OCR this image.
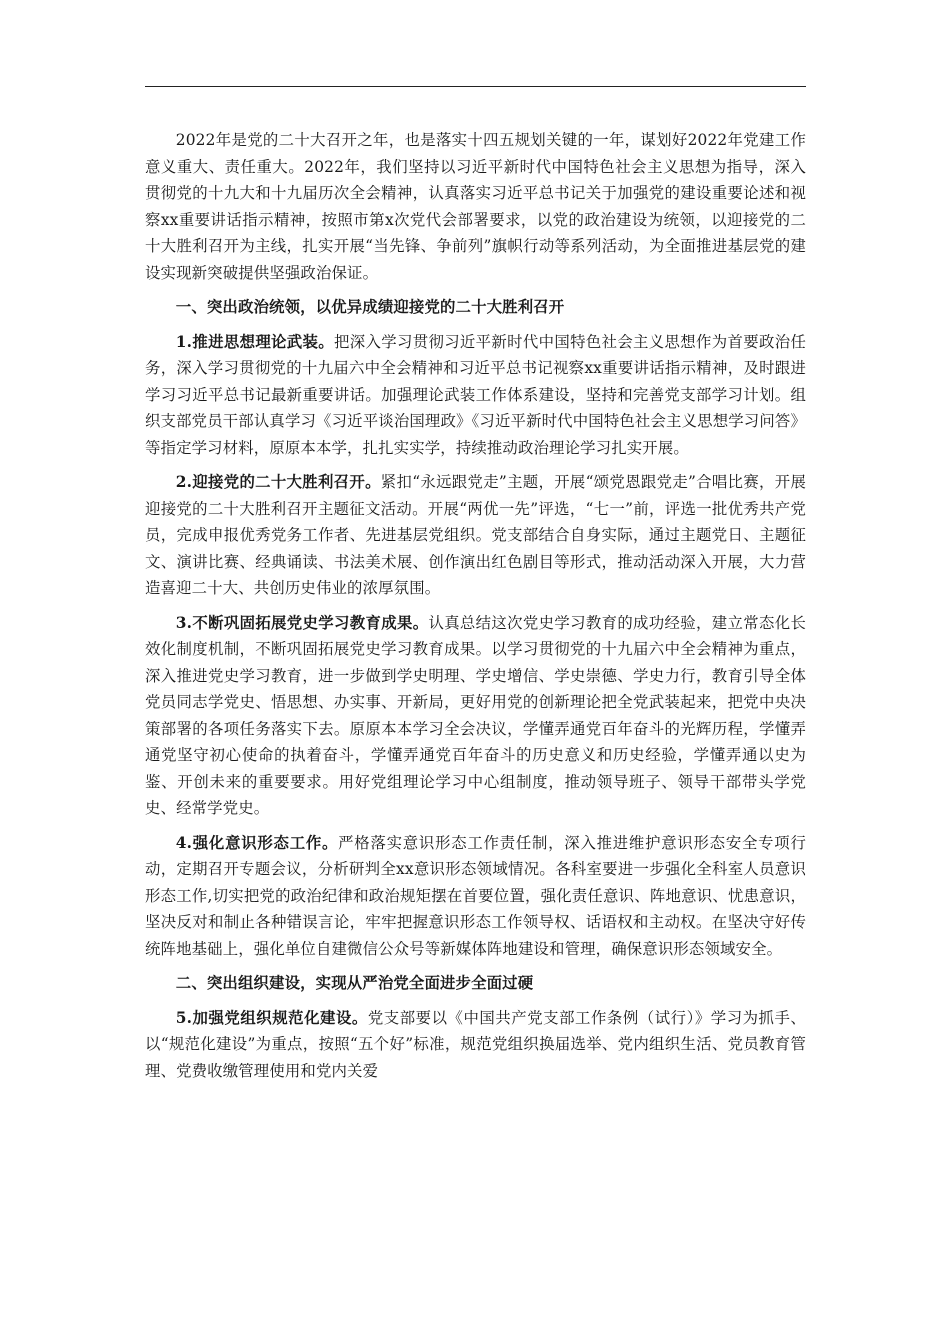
2022年是党的二十大召开之年，也是落实十四五规划关键的一年，谋划好2022年党建工作意义重大、责任重大。2022年，我们坚持以习近平新时代中国特色社会主义思想为指导，深入贯彻党的十九大和十九届历次全会精神，认真落实习近平总书记关于加强党的建设重要论述和视察xx重要讲话指示精神，按照市第x次党代会部署要求，以党的政治建设为统领，以迎接党的二十大胜利召开为主线，扎实开展“当先锋、争前列”旗帜行动等系列活动，为全面推进基层党的建设实现新突破提供坚强政治保证。

一、突出政治统领，以优异成绩迎接党的二十大胜利召开

1.推进思想理论武装。把深入学习贯彻习近平新时代中国特色社会主义思想作为首要政治任务，深入学习贯彻党的十九届六中全会精神和习近平总书记视察xx重要讲话指示精神，及时跟进学习习近平总书记最新重要讲话。加强理论武装工作体系建设，坚持和完善党支部学习计划。组织支部党员干部认真学习《习近平谈治国理政》《习近平新时代中国特色社会主义思想学习问答》等指定学习材料，原原本本学，扎扎实实学，持续推动政治理论学习扎实开展。

2.迎接党的二十大胜利召开。紧扣“永远跟党走”主题，开展“颂党恩跟党走”合唱比赛，开展迎接党的二十大胜利召开主题征文活动。开展“两优一先”评选，“七一”前，评选一批优秀共产党员，完成申报优秀党务工作者、先进基层党组织。党支部结合自身实际，通过主题党日、主题征文、演讲比赛、经典诵读、书法美术展、创作演出红色剧目等形式，推动活动深入开展，大力营造喜迎二十大、共创历史伟业的浓厚氛围。

3.不断巩固拓展党史学习教育成果。认真总结这次党史学习教育的成功经验，建立常态化长效化制度机制，不断巩固拓展党史学习教育成果。以学习贯彻党的十九届六中全会精神为重点，深入推进党史学习教育，进一步做到学史明理、学史增信、学史崇德、学史力行，教育引导全体党员同志学党史、悟思想、办实事、开新局，更好用党的创新理论把全党武装起来，把党中央决策部署的各项任务落实下去。原原本本学习全会决议，学懂弄通党百年奋斗的光辉历程，学懂弄通党坚守初心使命的执着奋斗，学懂弄通党百年奋斗的历史意义和历史经验，学懂弄通以史为鉴、开创未来的重要要求。用好党组理论学习中心组制度，推动领导班子、领导干部带头学党史、经常学党史。

4.强化意识形态工作。严格落实意识形态工作责任制，深入推进维护意识形态安全专项行动，定期召开专题会议，分析研判全xx意识形态领域情况。各科室要进一步强化全科室人员意识形态工作,切实把党的政治纪律和政治规矩摆在首要位置，强化责任意识、阵地意识、忧患意识，坚决反对和制止各种错误言论，牢牢把握意识形态工作领导权、话语权和主动权。在坚决守好传统阵地基础上，强化单位自建微信公众号等新媒体阵地建设和管理，确保意识形态领域安全。

二、突出组织建设，实现从严治党全面进步全面过硬

5.加强党组织规范化建设。党支部要以《中国共产党支部工作条例（试行）》学习为抓手、以“规范化建设”为重点，按照“五个好”标准，规范党组织换届选举、党内组织生活、党员教育管理、党费收缴管理使用和党内关爱
